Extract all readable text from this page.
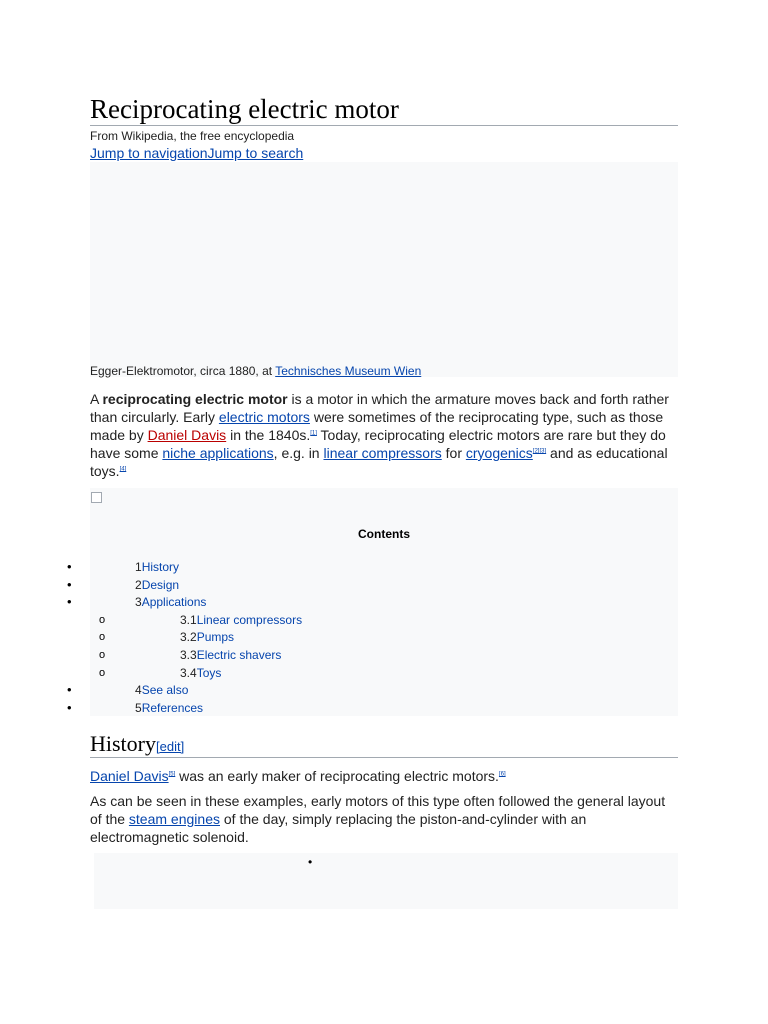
Reciprocating electric motor
From Wikipedia, the free encyclopedia
Jump to navigationJump to search
Egger-Elektromotor, circa 1880, at Technisches Museum Wien

A reciprocating electric motor is a motor in which the armature moves back and forth rather than circularly. Early electric motors were sometimes of the reciprocating type, such as those made by Daniel Davis in the 1840s.[1] Today, reciprocating electric motors are rare but they do have some niche applications, e.g. in linear compressors for cryogenics[2][3] and as educational toys.[4]

Contents
•	1History
•	2Design
•	3Applications
o	3.1Linear compressors
o	3.2Pumps
o	3.3Electric shavers
o	3.4Toys
•	4See also
•	5References
History[edit]

Daniel Davis[5] was an early maker of reciprocating electric motors.[6]

As can be seen in these examples, early motors of this type often followed the general layout of the steam engines of the day, simply replacing the piston-and-cylinder with an electromagnetic solenoid.

•
